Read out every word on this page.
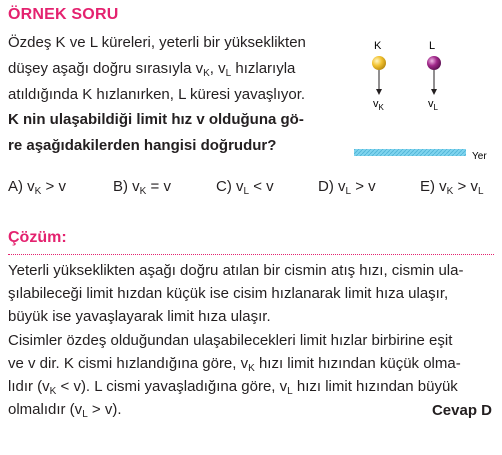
ÖRNEK SORU
Özdeş K ve L küreleri, yeterli bir yükseklikten
düşey aşağı doğru sırasıyla $v_K$, $v_L$ hızlarıyla
atıldığında K hızlanırken, L küresi yavaşlıyor.
K nin ulaşabildiği limit hız v olduğuna gö-
re aşağıdakilerden hangisi doğrudur?
K	L
$v_K$	$v_L$
Yer
A) $v_K > v$	B) $v_K = v$	C) $v_L < v$	D) $v_L > v$	E) $v_K > v_L$
Çözüm:
Yeterli yükseklikten aşağı doğru atılan bir cismin atış hızı, cismin ula-
şılabileceği limit hızdan küçük ise cisim hızlanarak limit hıza ulaşır,
büyük ise yavaşlayarak limit hıza ulaşır.
Cisimler özdeş olduğundan ulaşabilecekleri limit hızlar birbirine eşit
ve v dir. K cismi hızlandığına göre, $v_K$ hızı limit hızından küçük olma-
lıdır $(v_K < v)$. L cismi yavaşladığına göre, $v_L$ hızı limit hızından büyük
olmalıdır $(v_L > v)$.	Cevap D
